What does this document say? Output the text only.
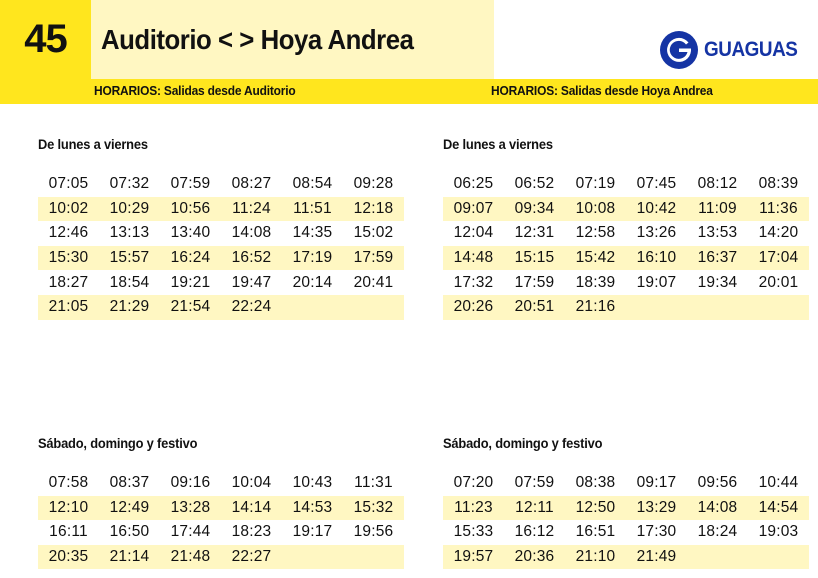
45 Auditorio < > Hoya Andrea	GUAGUAS
HORARIOS: Salidas desde Auditorio	HORARIOS: Salidas desde Hoya Andrea
De lunes a viernes
07:05	07:32	07:59	08:27	08:54	09:28
10:02	10:29	10:56	11:24	11:51	12:18
12:46	13:13	13:40	14:08	14:35	15:02
15:30	15:57	16:24	16:52	17:19	17:59
18:27	18:54	19:21	19:47	20:14	20:41
21:05	21:29	21:54	22:24
Sábado, domingo y festivo
07:58	08:37	09:16	10:04	10:43	11:31
12:10	12:49	13:28	14:14	14:53	15:32
16:11	16:50	17:44	18:23	19:17	19:56
20:35	21:14	21:48	22:27
De lunes a viernes
06:25	06:52	07:19	07:45	08:12	08:39
09:07	09:34	10:08	10:42	11:09	11:36
12:04	12:31	12:58	13:26	13:53	14:20
14:48	15:15	15:42	16:10	16:37	17:04
17:32	17:59	18:39	19:07	19:34	20:01
20:26	20:51	21:16
Sábado, domingo y festivo
07:20	07:59	08:38	09:17	09:56	10:44
11:23	12:11	12:50	13:29	14:08	14:54
15:33	16:12	16:51	17:30	18:24	19:03
19:57	20:36	21:10	21:49
